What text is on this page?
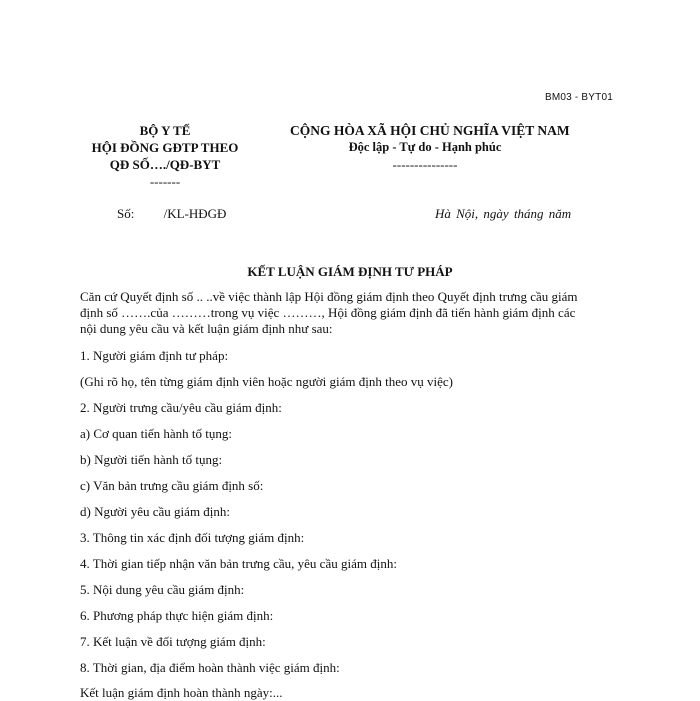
BM03 - BYT01
BỘ Y TẾ
HỘI ĐỒNG GĐTP THEO
QĐ SỐ…./QĐ-BYT
-------
CỘNG HÒA XÃ HỘI CHỦ NGHĨA VIỆT NAM
Độc lập - Tự do - Hạnh phúc
---------------
Số: /KL-HĐGĐ	Hà Nội, ngày tháng năm
KẾT LUẬN GIÁM ĐỊNH TƯ PHÁP
Căn cứ Quyết định số .. ..về việc thành lập Hội đồng giám định theo Quyết định trưng cầu giám
định số …….của ………trong vụ việc ………, Hội đồng giám định đã tiến hành giám định các
nội dung yêu cầu và kết luận giám định như sau:
1. Người giám định tư pháp:
(Ghi rõ họ, tên từng giám định viên hoặc người giám định theo vụ việc)
2. Người trưng cầu/yêu cầu giám định:
a) Cơ quan tiến hành tố tụng:
b) Người tiến hành tố tụng:
c) Văn bản trưng cầu giám định số:
d) Người yêu cầu giám định:
3. Thông tin xác định đối tượng giám định:
4. Thời gian tiếp nhận văn bản trưng cầu, yêu cầu giám định:
5. Nội dung yêu cầu giám định:
6. Phương pháp thực hiện giám định:
7. Kết luận về đối tượng giám định:
8. Thời gian, địa điểm hoàn thành việc giám định:
Kết luận giám định hoàn thành ngày:...
